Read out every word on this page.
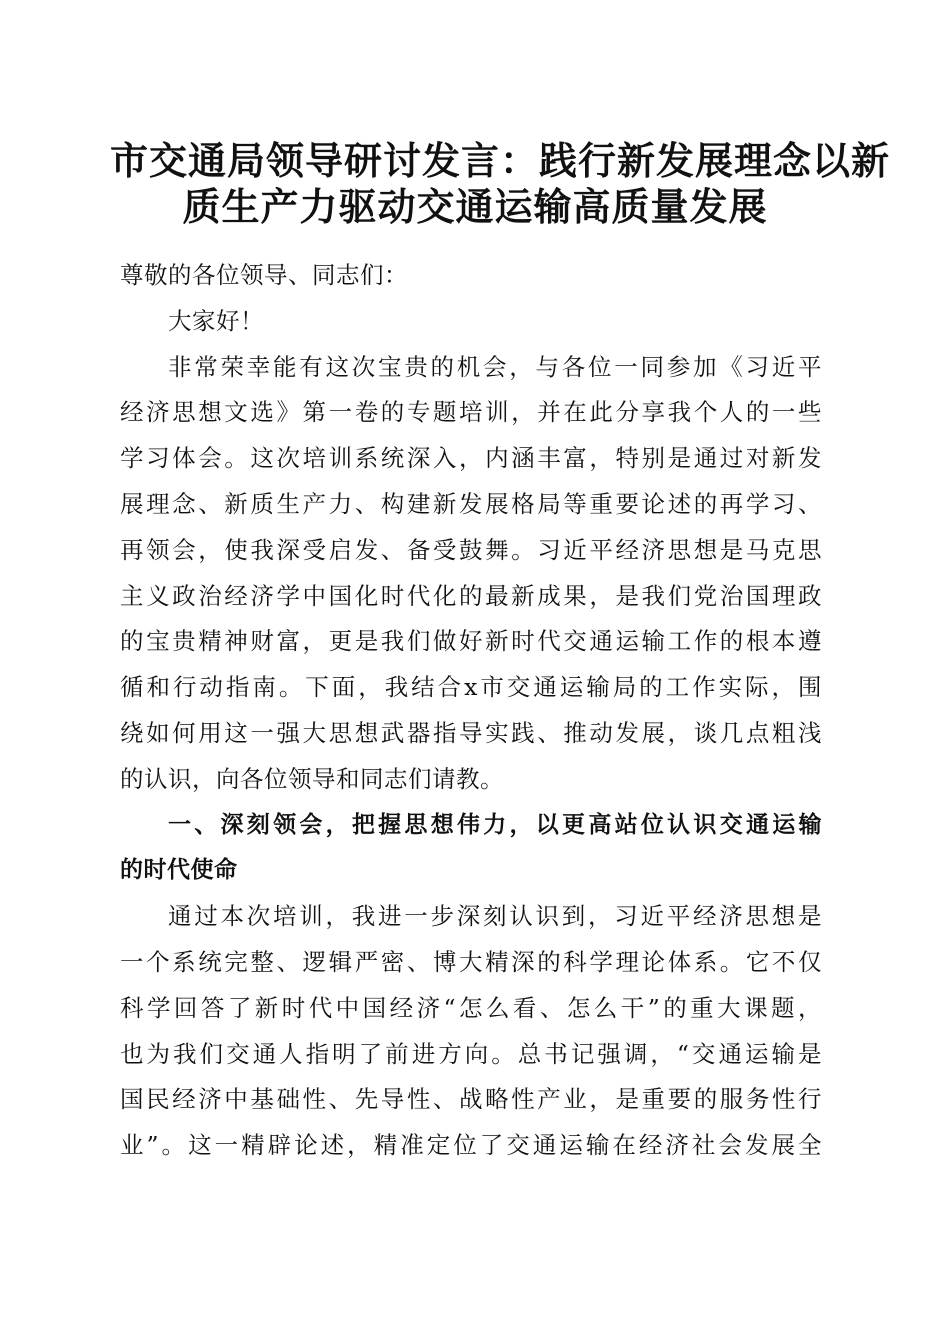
市交通局领导研讨发言：践行新发展理念以新
质生产力驱动交通运输高质量发展
尊敬的各位领导、同志们：
大家好！
非常荣幸能有这次宝贵的机会，与各位一同参加《习近平
经济思想文选》第一卷的专题培训，并在此分享我个人的一些
学习体会。这次培训系统深入，内涵丰富，特别是通过对新发
展理念、新质生产力、构建新发展格局等重要论述的再学习、
再领会，使我深受启发、备受鼓舞。习近平经济思想是马克思
主义政治经济学中国化时代化的最新成果，是我们党治国理政
的宝贵精神财富，更是我们做好新时代交通运输工作的根本遵
循和行动指南。下面，我结合x市交通运输局的工作实际，围
绕如何用这一强大思想武器指导实践、推动发展，谈几点粗浅
的认识，向各位领导和同志们请教。
一、深刻领会，把握思想伟力，以更高站位认识交通运输
的时代使命
通过本次培训，我进一步深刻认识到，习近平经济思想是
一个系统完整、逻辑严密、博大精深的科学理论体系。它不仅
科学回答了新时代中国经济“怎么看、怎么干”的重大课题，
也为我们交通人指明了前进方向。总书记强调，“交通运输是
国民经济中基础性、先导性、战略性产业，是重要的服务性行
业”。这一精辟论述，精准定位了交通运输在经济社会发展全
